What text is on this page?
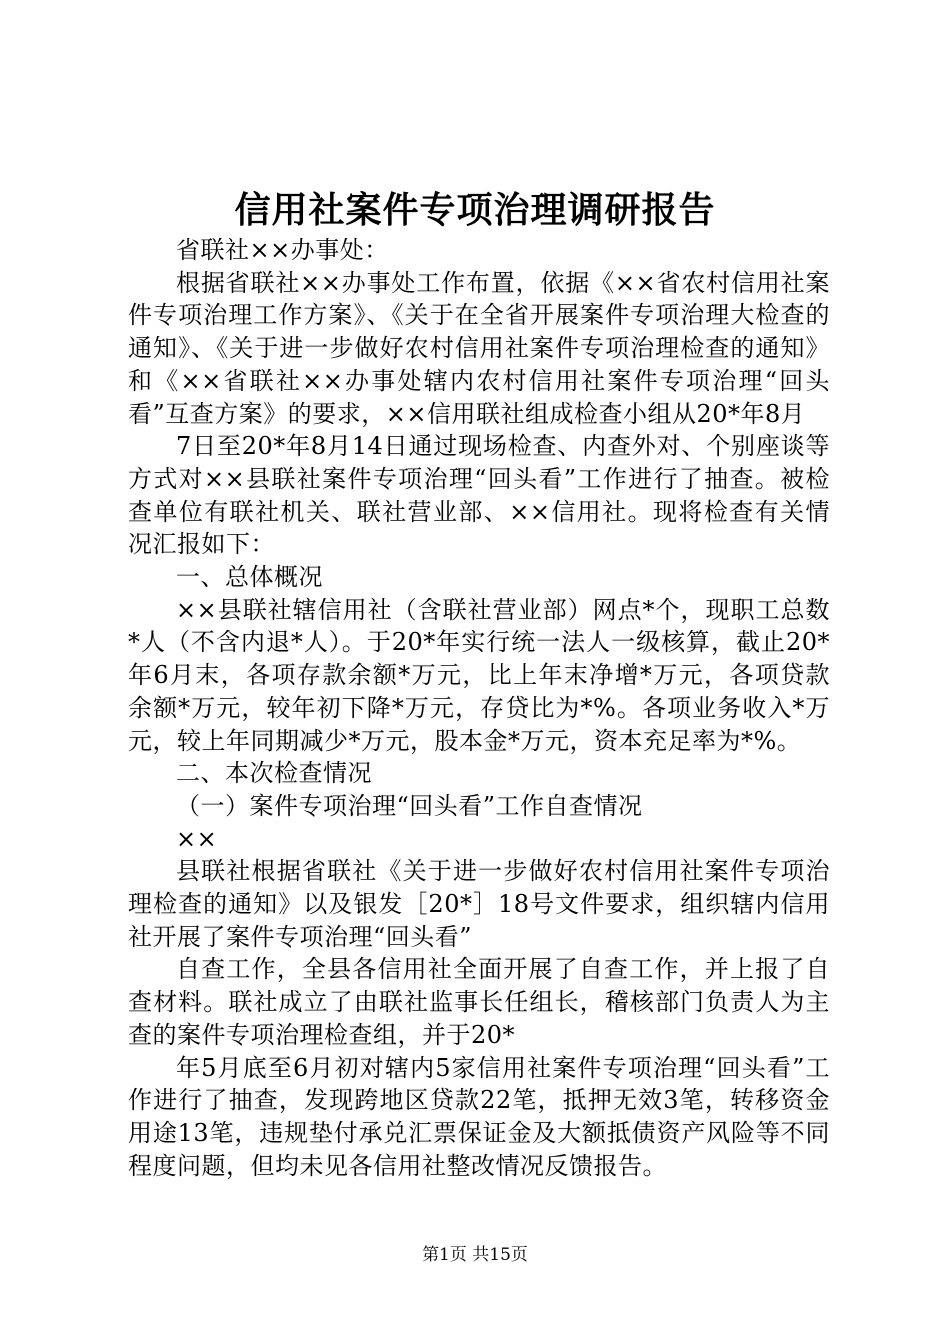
信用社案件专项治理调研报告

省联社××办事处：

根据省联社××办事处工作布置，依据《××省农村信用社案件专项治理工作方案》、《关于在全省开展案件专项治理大检查的通知》、《关于进一步做好农村信用社案件专项治理检查的通知》和《××省联社××办事处辖内农村信用社案件专项治理“回头看”互查方案》的要求，××信用联社组成检查小组从20*年8月

7日至20*年8月14日通过现场检查、内查外对、个别座谈等方式对××县联社案件专项治理“回头看”工作进行了抽查。被检查单位有联社机关、联社营业部、××信用社。现将检查有关情况汇报如下：

一、总体概况

××县联社辖信用社（含联社营业部）网点*个，现职工总数*人（不含内退*人）。于20*年实行统一法人一级核算，截止20*年6月末，各项存款余额*万元，比上年末净增*万元，各项贷款余额*万元，较年初下降*万元，存贷比为*%。各项业务收入*万元，较上年同期减少*万元，股本金*万元，资本充足率为*%。

二、本次检查情况

（一）案件专项治理“回头看”工作自查情况

××

县联社根据省联社《关于进一步做好农村信用社案件专项治理检查的通知》以及银发［20*］18号文件要求，组织辖内信用社开展了案件专项治理“回头看”

自查工作，全县各信用社全面开展了自查工作，并上报了自查材料。联社成立了由联社监事长任组长，稽核部门负责人为主查的案件专项治理检查组，并于20*

年5月底至6月初对辖内5家信用社案件专项治理“回头看”工作进行了抽查，发现跨地区贷款22笔，抵押无效3笔，转移资金用途13笔，违规垫付承兑汇票保证金及大额抵债资产风险等不同程度问题，但均未见各信用社整改情况反馈报告。

第1页 共15页
